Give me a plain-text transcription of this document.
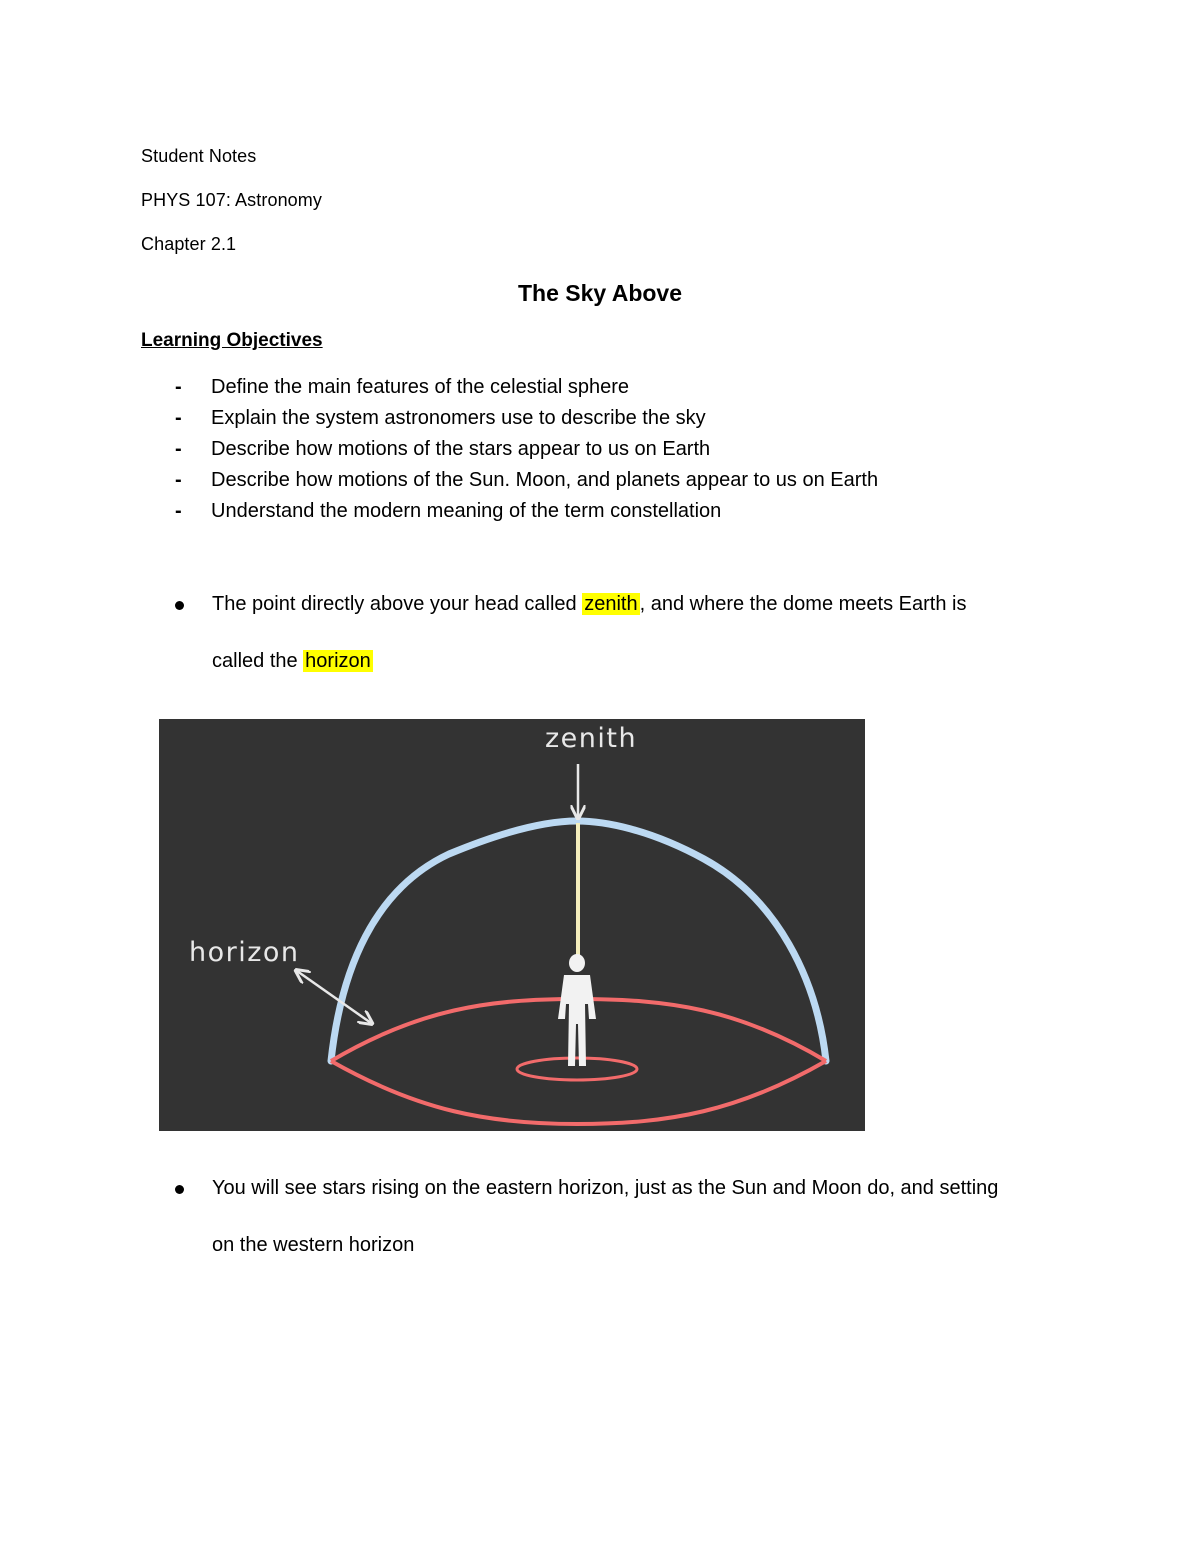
Student Notes
PHYS 107: Astronomy
Chapter 2.1
The Sky Above
Learning Objectives
- Define the main features of the celestial sphere
- Explain the system astronomers use to describe the sky
- Describe how motions of the stars appear to us on Earth
- Describe how motions of the Sun. Moon, and planets appear to us on Earth
- Understand the modern meaning of the term constellation
The point directly above your head called zenith , and where the dome meets Earth is
called the horizon
zenith
horizon
You will see stars rising on the eastern horizon, just as the Sun and Moon do, and setting
on the western horizon
